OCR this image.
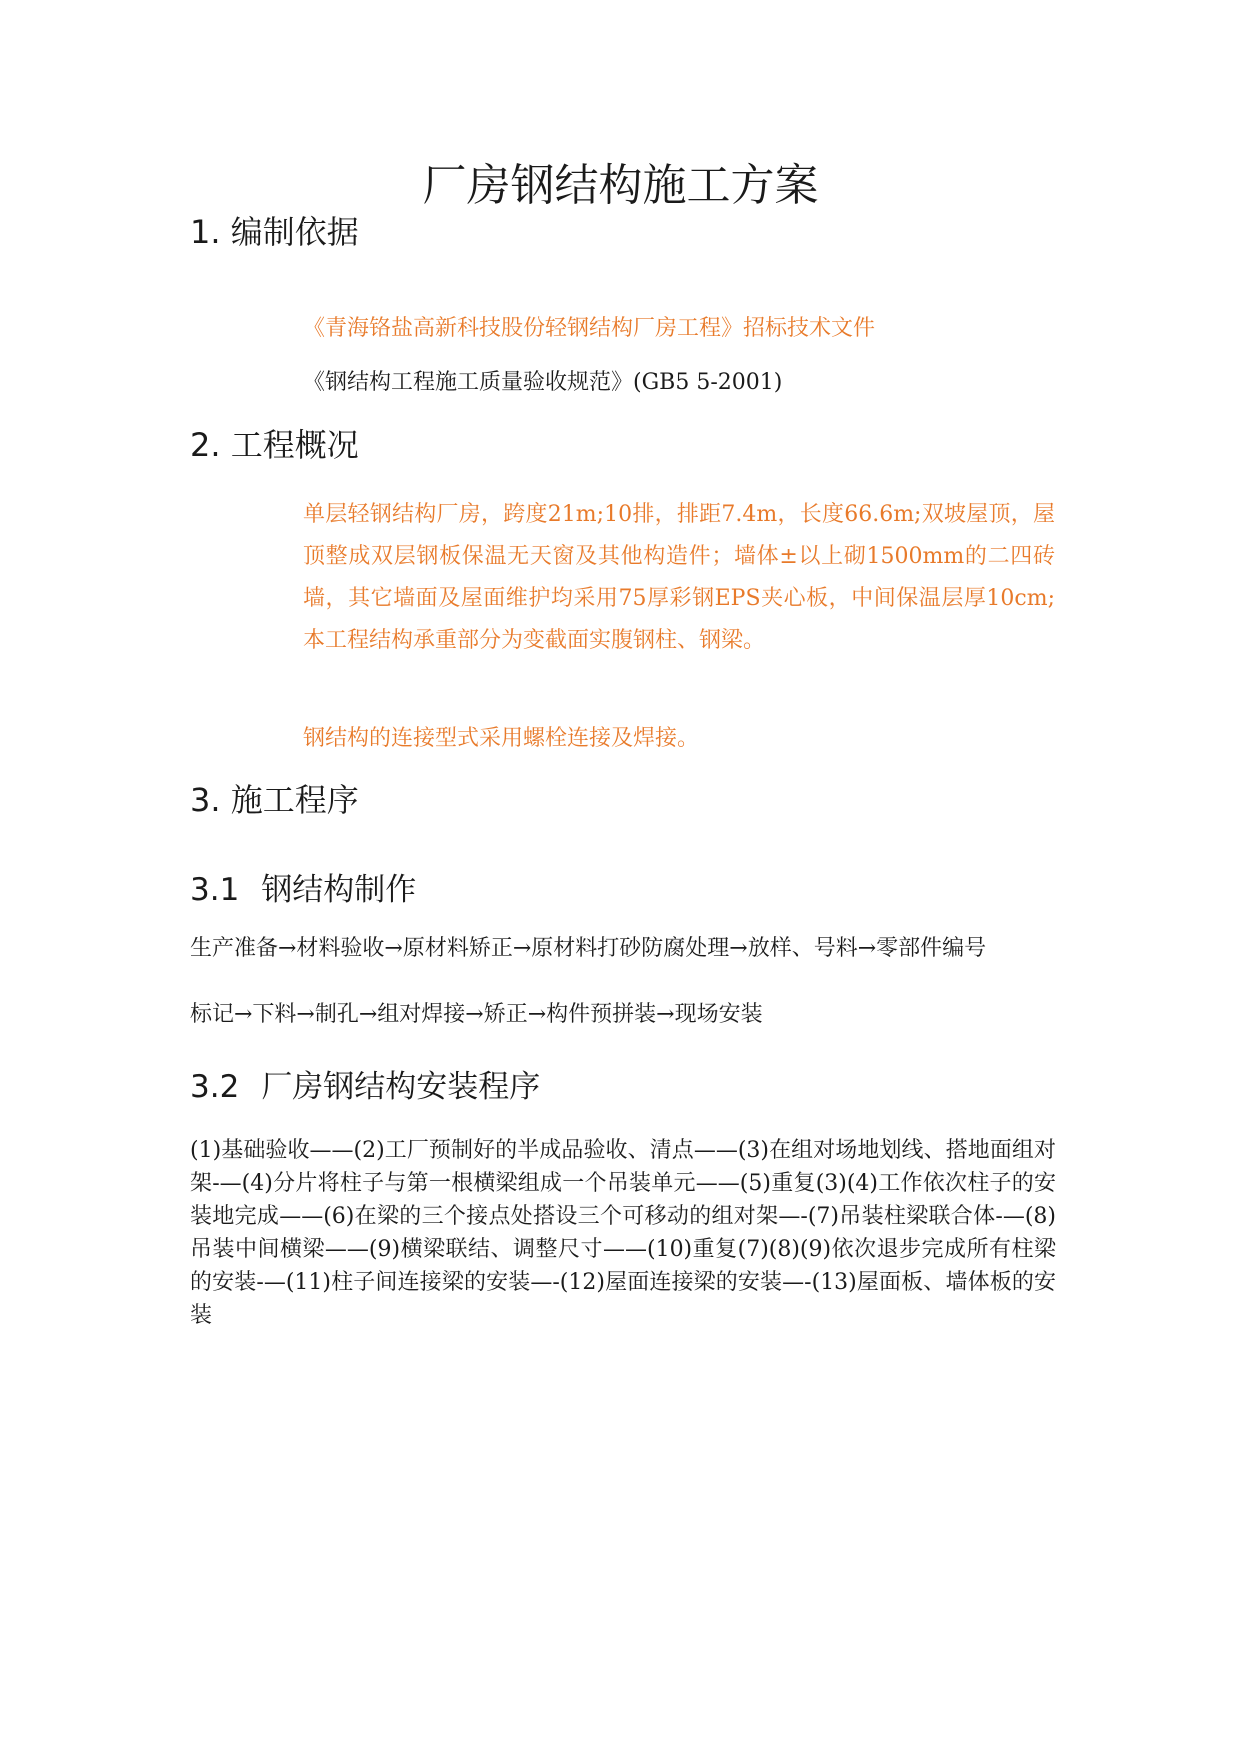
厂房钢结构施工方案
1. 编制依据
《青海铬盐高新科技股份轻钢结构厂房工程》招标技术文件
《钢结构工程施工质量验收规范》(GB5 5-2001)
2. 工程概况
单层轻钢结构厂房，跨度21m;10排，排距7.4m，长度66.6m;双坡屋顶，屋顶整成双层钢板保温无天窗及其他构造件；墙体±以上砌1500mm的二四砖墙，其它墙面及屋面维护均采用75厚彩钢EPS夹心板，中间保温层厚10cm;本工程结构承重部分为变截面实腹钢柱、钢梁。
钢结构的连接型式采用螺栓连接及焊接。
3. 施工程序
3.1 钢结构制作
生产准备→材料验收→原材料矫正→原材料打砂防腐处理→放样、号料→零部件编号
标记→下料→制孔→组对焊接→矫正→构件预拼装→现场安装
3.2 厂房钢结构安装程序
(1)基础验收——(2)工厂预制好的半成品验收、清点——(3)在组对场地划线、搭地面组对架-—(4)分片将柱子与第一根横梁组成一个吊装单元——(5)重复(3)(4)工作依次柱子的安装地完成——(6)在梁的三个接点处搭设三个可移动的组对架—-(7)吊装柱梁联合体-—(8)吊装中间横梁——(9)横梁联结、调整尺寸——(10)重复(7)(8)(9)依次退步完成所有柱梁的安装-—(11)柱子间连接梁的安装—-(12)屋面连接梁的安装—-(13)屋面板、墙体板的安装
